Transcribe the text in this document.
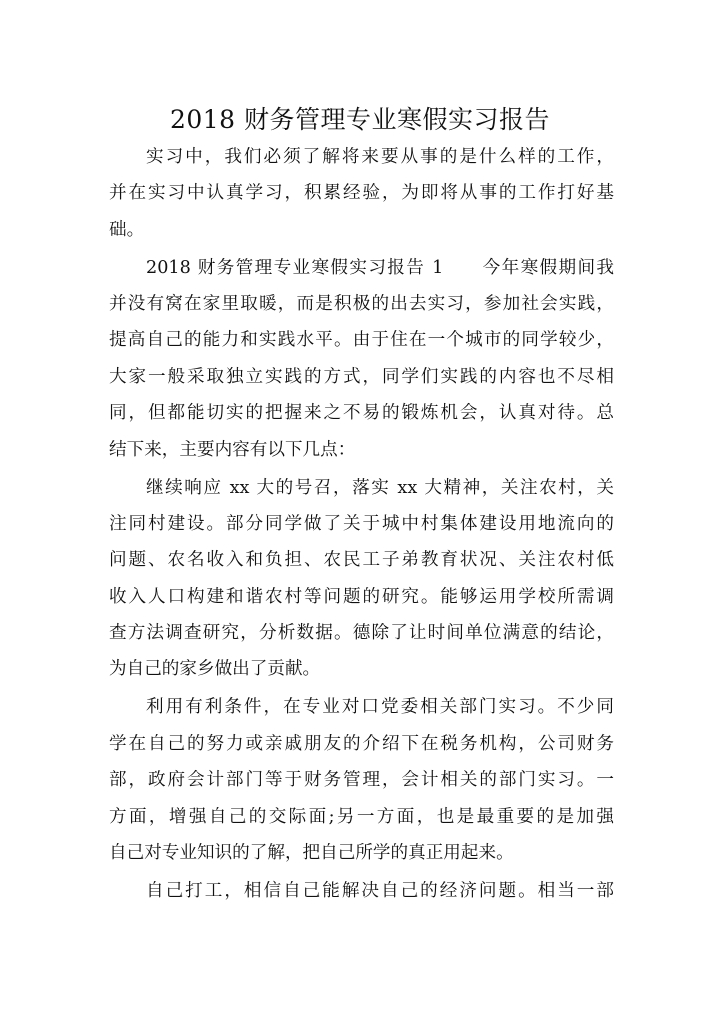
2018 财务管理专业寒假实习报告
实习中，我们必须了解将来要从事的是什么样的工作，
并在实习中认真学习，积累经验，为即将从事的工作打好基
础。
2018 财务管理专业寒假实习报告 1　　今年寒假期间我
并没有窝在家里取暖，而是积极的出去实习，参加社会实践，
提高自己的能力和实践水平。由于住在一个城市的同学较少，
大家一般采取独立实践的方式，同学们实践的内容也不尽相
同，但都能切实的把握来之不易的锻炼机会，认真对待。总
结下来，主要内容有以下几点：
继续响应 xx 大的号召，落实 xx 大精神，关注农村，关
注同村建设。部分同学做了关于城中村集体建设用地流向的
问题、农名收入和负担、农民工子弟教育状况、关注农村低
收入人口构建和谐农村等问题的研究。能够运用学校所需调
查方法调查研究，分析数据。德除了让时间单位满意的结论，
为自己的家乡做出了贡献。
利用有利条件，在专业对口党委相关部门实习。不少同
学在自己的努力或亲戚朋友的介绍下在税务机构，公司财务
部，政府会计部门等于财务管理，会计相关的部门实习。一
方面，增强自己的交际面;另一方面，也是最重要的是加强
自己对专业知识的了解，把自己所学的真正用起来。
自己打工，相信自己能解决自己的经济问题。相当一部
